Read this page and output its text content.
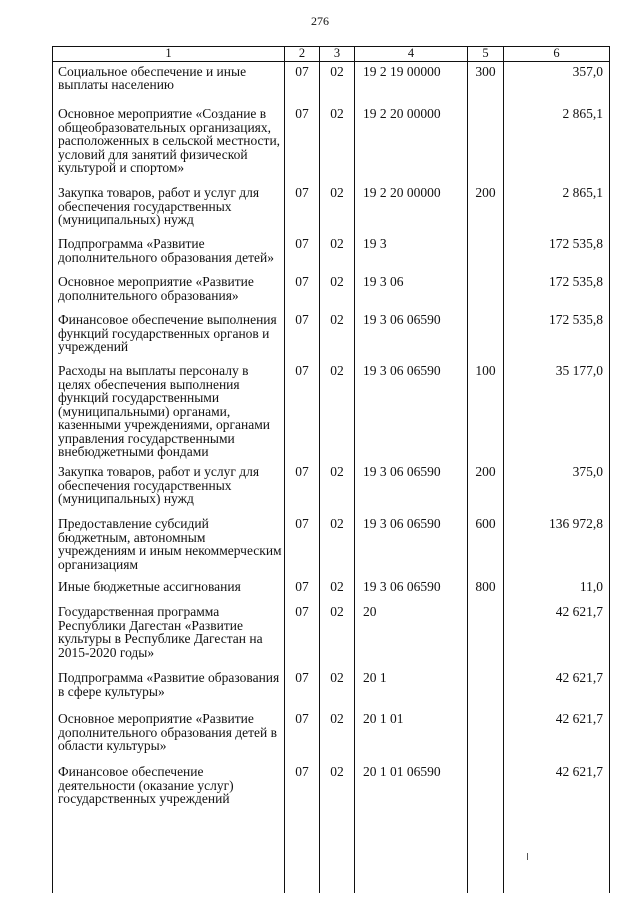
276
1	2	3	4	5	6
Социальное обеспечение и иные выплаты населению	07	02	19 2 19 00000	300	357,0
Основное мероприятие «Создание в общеобразовательных организациях, расположенных в сельской местности, условий для занятий физической культурой и спортом»	07	02	19 2 20 00000		2 865,1
Закупка товаров, работ и услуг для обеспечения государственных (муниципальных) нужд	07	02	19 2 20 00000	200	2 865,1
Подпрограмма «Развитие дополнительного образования детей»	07	02	19 3		172 535,8
Основное мероприятие «Развитие дополнительного образования»	07	02	19 3 06		172 535,8
Финансовое обеспечение выполнения функций государственных органов и учреждений	07	02	19 3 06 06590		172 535,8
Расходы на выплаты персоналу в целях обеспечения выполнения функций государственными (муниципальными) органами, казенными учреждениями, органами управления государственными внебюджетными фондами	07	02	19 3 06 06590	100	35 177,0
Закупка товаров, работ и услуг для обеспечения государственных (муниципальных) нужд	07	02	19 3 06 06590	200	375,0
Предоставление субсидий бюджетным, автономным учреждениям и иным некоммерческим организациям	07	02	19 3 06 06590	600	136 972,8
Иные бюджетные ассигнования	07	02	19 3 06 06590	800	11,0
Государственная программа Республики Дагестан «Развитие культуры в Республике Дагестан на 2015-2020 годы»	07	02	20		42 621,7
Подпрограмма «Развитие образования в сфере культуры»	07	02	20 1		42 621,7
Основное мероприятие «Развитие дополнительного образования детей в области культуры»	07	02	20 1 01		42 621,7
Финансовое обеспечение деятельности (оказание услуг) государственных учреждений	07	02	20 1 01 06590		42 621,7
